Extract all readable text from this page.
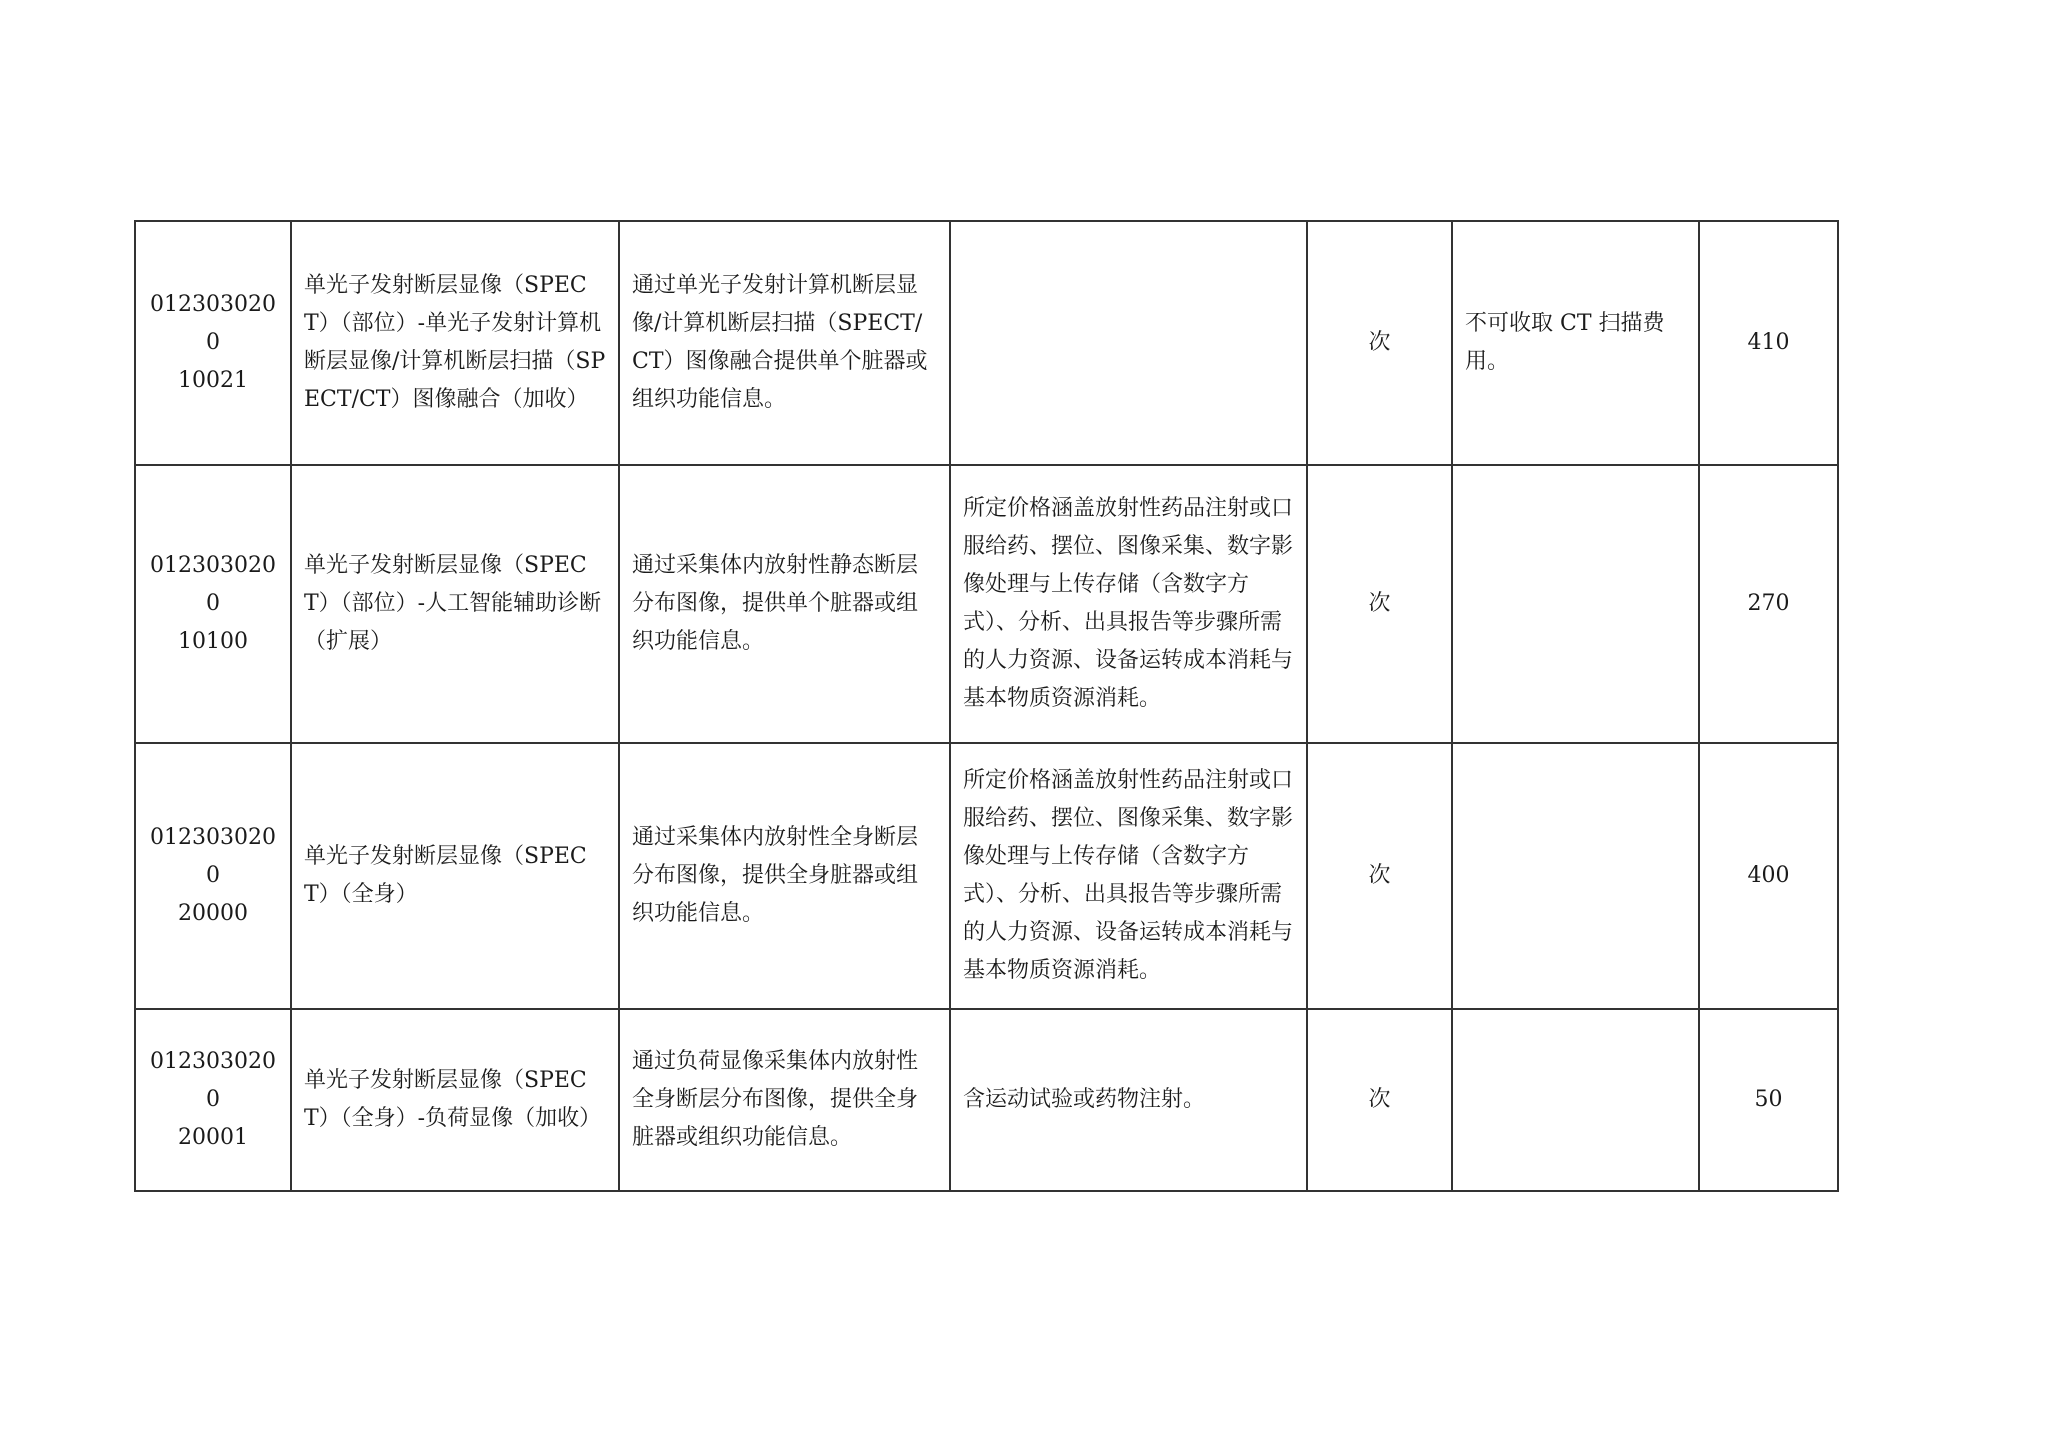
0123030200
10021	单光子发射断层显像（SPECT）（部位）-单光子发射计算机断层显像/计算机断层扫描（SPECT/CT）图像融合（加收）	通过单光子发射计算机断层显像/计算机断层扫描（SPECT/CT）图像融合提供单个脏器或组织功能信息。		次	不可收取 CT 扫描费用。	410

0123030200
10100	单光子发射断层显像（SPECT）（部位）-人工智能辅助诊断（扩展）	通过采集体内放射性静态断层分布图像，提供单个脏器或组织功能信息。	所定价格涵盖放射性药品注射或口服给药、摆位、图像采集、数字影像处理与上传存储（含数字方式）、分析、出具报告等步骤所需的人力资源、设备运转成本消耗与基本物质资源消耗。	次		270

0123030200
20000	单光子发射断层显像（SPECT）（全身）	通过采集体内放射性全身断层分布图像，提供全身脏器或组织功能信息。	所定价格涵盖放射性药品注射或口服给药、摆位、图像采集、数字影像处理与上传存储（含数字方式）、分析、出具报告等步骤所需的人力资源、设备运转成本消耗与基本物质资源消耗。	次		400

0123030200
20001	单光子发射断层显像（SPECT）（全身）-负荷显像（加收）	通过负荷显像采集体内放射性全身断层分布图像，提供全身脏器或组织功能信息。	含运动试验或药物注射。	次		50
